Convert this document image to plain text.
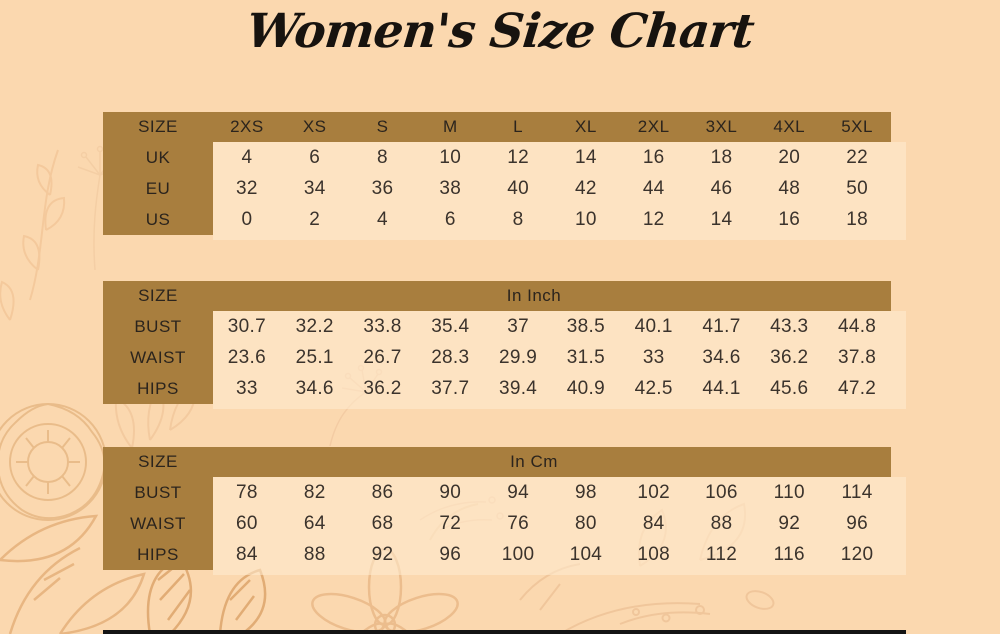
Women's Size Chart
SIZE	2XS	XS	S	M	L	XL	2XL	3XL	4XL	5XL
UK	4	6	8	10	12	14	16	18	20	22
EU	32	34	36	38	40	42	44	46	48	50
US	0	2	4	6	8	10	12	14	16	18
SIZE	In Inch
BUST	30.7	32.2	33.8	35.4	37	38.5	40.1	41.7	43.3	44.8
WAIST	23.6	25.1	26.7	28.3	29.9	31.5	33	34.6	36.2	37.8
HIPS	33	34.6	36.2	37.7	39.4	40.9	42.5	44.1	45.6	47.2
SIZE	In Cm
BUST	78	82	86	90	94	98	102	106	110	114
WAIST	60	64	68	72	76	80	84	88	92	96
HIPS	84	88	92	96	100	104	108	112	116	120
